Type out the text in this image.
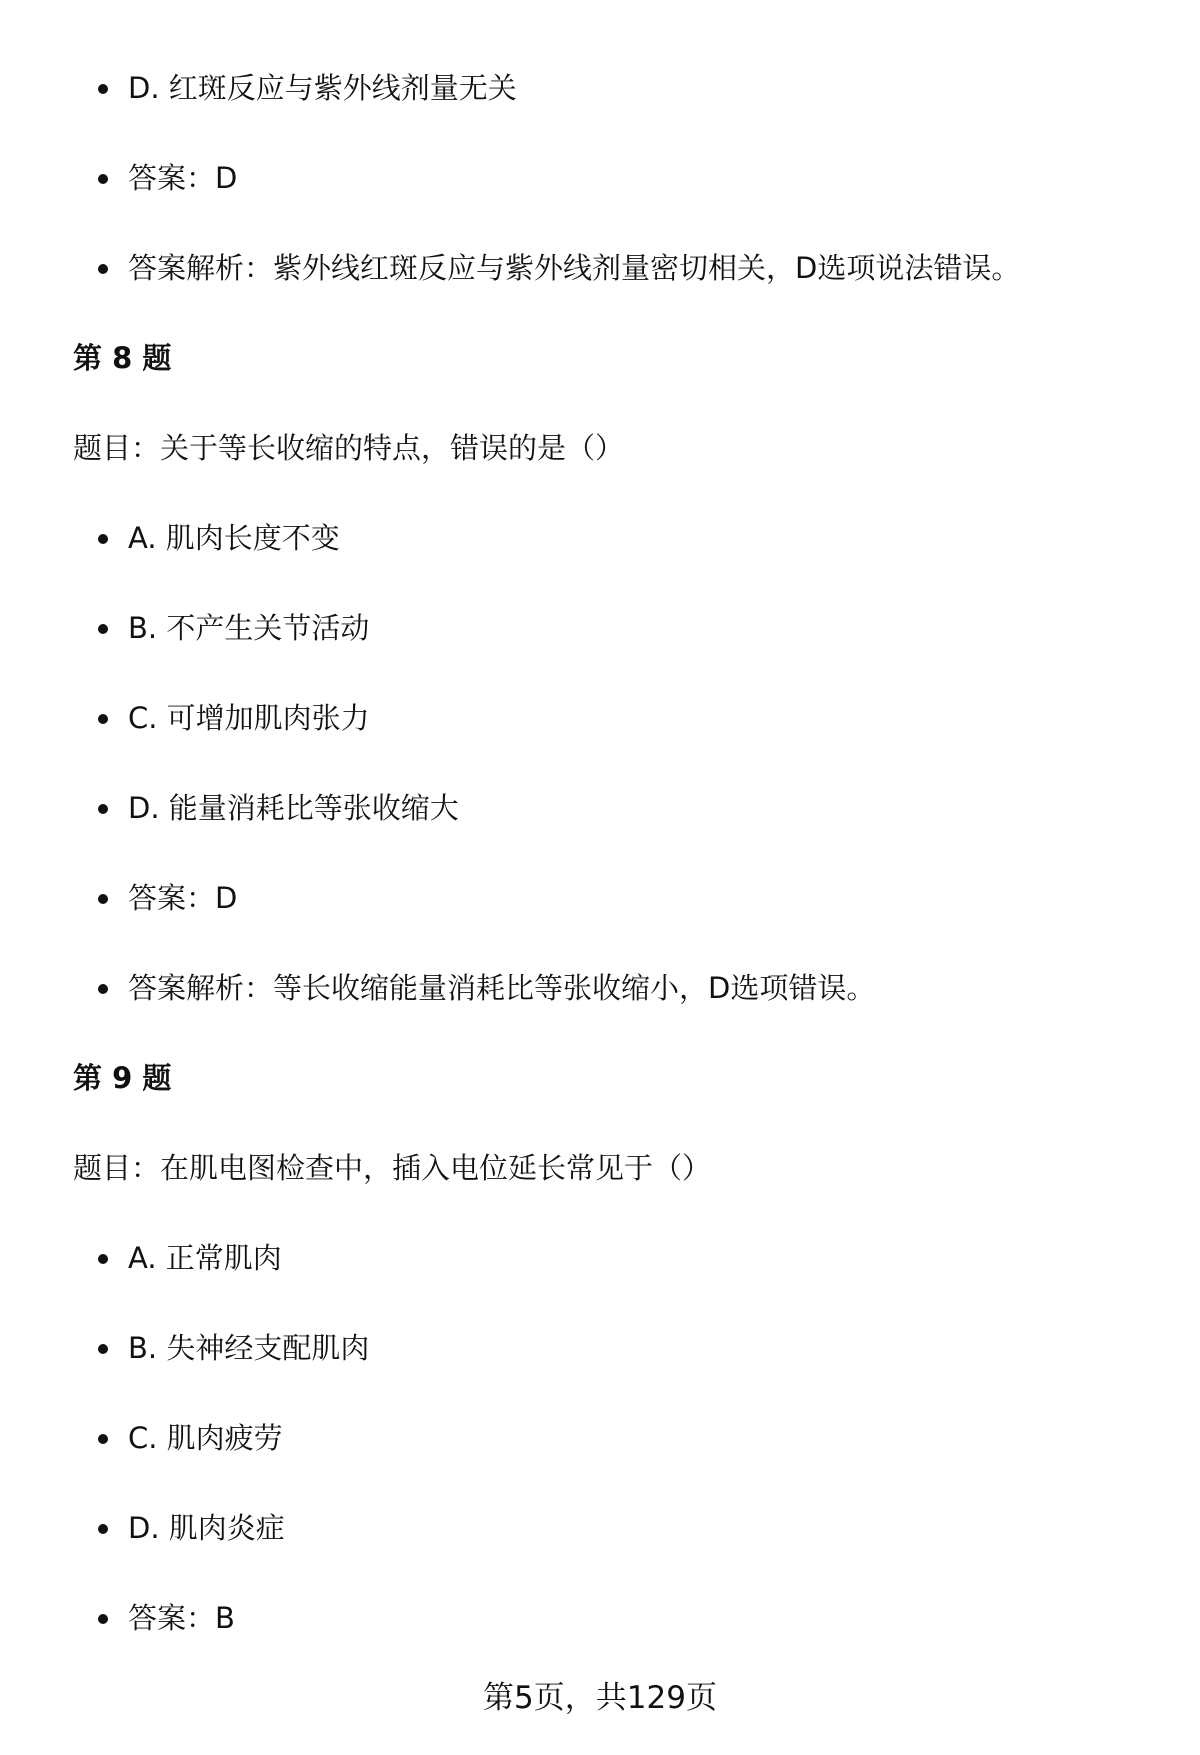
D. 红斑反应与紫外线剂量无关
答案：D
答案解析：紫外线红斑反应与紫外线剂量密切相关，D选项说法错误。
第 8 题
题目：关于等长收缩的特点，错误的是（）
A. 肌肉长度不变
B. 不产生关节活动
C. 可增加肌肉张力
D. 能量消耗比等张收缩大
答案：D
答案解析：等长收缩能量消耗比等张收缩小，D选项错误。
第 9 题
题目：在肌电图检查中，插入电位延长常见于（）
A. 正常肌肉
B. 失神经支配肌肉
C. 肌肉疲劳
D. 肌肉炎症
答案：B
第5页，共129页
